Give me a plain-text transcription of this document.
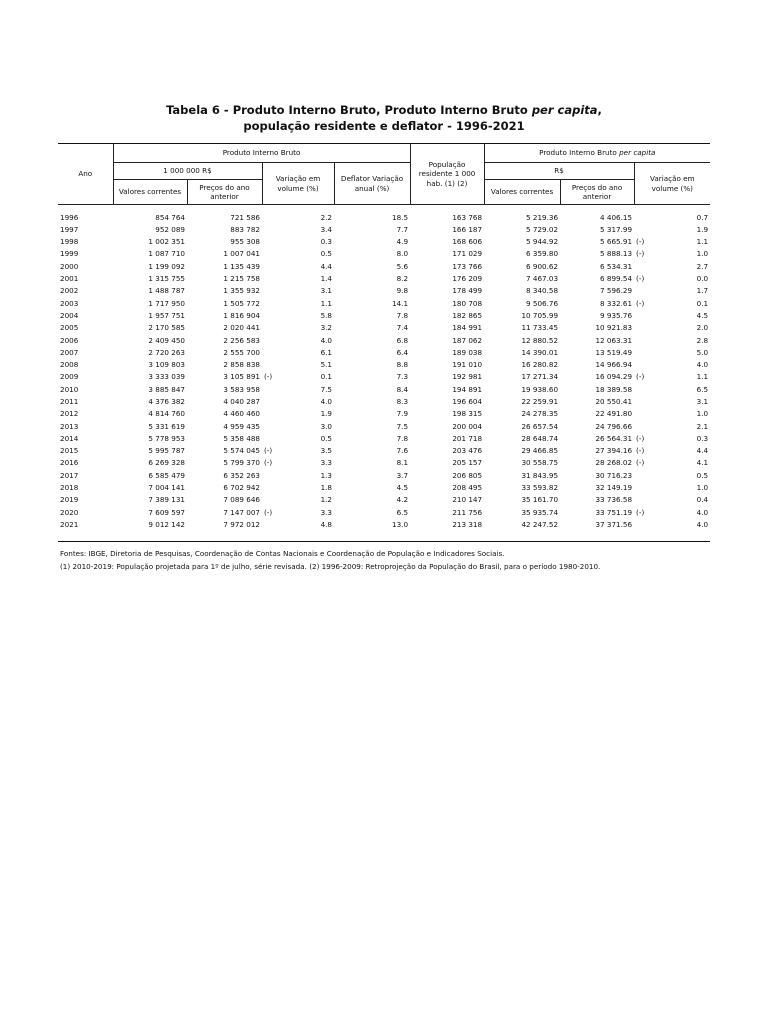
Tabela 6 - Produto Interno Bruto, Produto Interno Bruto per capita,
população residente e deflator - 1996-2021
Ano	Produto Interno Bruto				População residente 1 000 hab. (1) (2)	Produto Interno Bruto per capita		
	1 000 000 R$		Variação em volume (%)	Deflator Variação anual (%)		R$		Variação em volume (%)
	Valores correntes	Preços do ano anterior				Valores correntes	Preços do ano anterior	

1996	854 764	721 586	2.2	18.5	163 768	5 219.36	4 406.15	0.7
1997	952 089	883 782	3.4	7.7	166 187	5 729.02	5 317.99	1.9
1998	1 002 351	955 308	0.3	4.9	168 606	5 944.92	5 665.91	(-) 1.1
1999	1 087 710	1 007 041	0.5	8.0	171 029	6 359.80	5 888.13	(-) 1.0
2000	1 199 092	1 135 439	4.4	5.6	173 766	6 900.62	6 534.31	2.7
2001	1 315 755	1 215 758	1.4	8.2	176 209	7 467.03	6 899.54	(-) 0.0
2002	1 488 787	1 355 932	3.1	9.8	178 499	8 340.58	7 596.29	1.7
2003	1 717 950	1 505 772	1.1	14.1	180 708	9 506.76	8 332.61	(-) 0.1
2004	1 957 751	1 816 904	5.8	7.8	182 865	10 705.99	9 935.76	4.5
2005	2 170 585	2 020 441	3.2	7.4	184 991	11 733.45	10 921.83	2.0
2006	2 409 450	2 256 583	4.0	6.8	187 062	12 880.52	12 063.31	2.8
2007	2 720 263	2 555 700	6.1	6.4	189 038	14 390.01	13 519.49	5.0
2008	3 109 803	2 858 838	5.1	8.8	191 010	16 280.82	14 966.94	4.0
2009	3 333 039	3 105 891	(-) 0.1	7.3	192 981	17 271.34	16 094.29	(-) 1.1
2010	3 885 847	3 583 958	7.5	8.4	194 891	19 938.60	18 389.58	6.5
2011	4 376 382	4 040 287	4.0	8.3	196 604	22 259.91	20 550.41	3.1
2012	4 814 760	4 460 460	1.9	7.9	198 315	24 278.35	22 491.80	1.0
2013	5 331 619	4 959 435	3.0	7.5	200 004	26 657.54	24 796.66	2.1
2014	5 778 953	5 358 488	0.5	7.8	201 718	28 648.74	26 564.31	(-) 0.3
2015	5 995 787	5 574 045	(-) 3.5	7.6	203 476	29 466.85	27 394.16	(-) 4.4
2016	6 269 328	5 799 370	(-) 3.3	8.1	205 157	30 558.75	28 268.02	(-) 4.1
2017	6 585 479	6 352 263	1.3	3.7	206 805	31 843.95	30 716.23	0.5
2018	7 004 141	6 702 942	1.8	4.5	208 495	33 593.82	32 149.19	1.0
2019	7 389 131	7 089 646	1.2	4.2	210 147	35 161.70	33 736.58	0.4
2020	7 609 597	7 147 007	(-) 3.3	6.5	211 756	35 935.74	33 751.19	(-) 4.0
2021	9 012 142	7 972 012	4.8	13.0	213 318	42 247.52	37 371.56	4.0

Fontes: IBGE, Diretoria de Pesquisas, Coordenação de Contas Nacionais e Coordenação de População e Indicadores Sociais.
(1) 2010-2019: População projetada para 1º de julho, série revisada. (2) 1996-2009: Retroprojeção da População do Brasil, para o período 1980-2010.
